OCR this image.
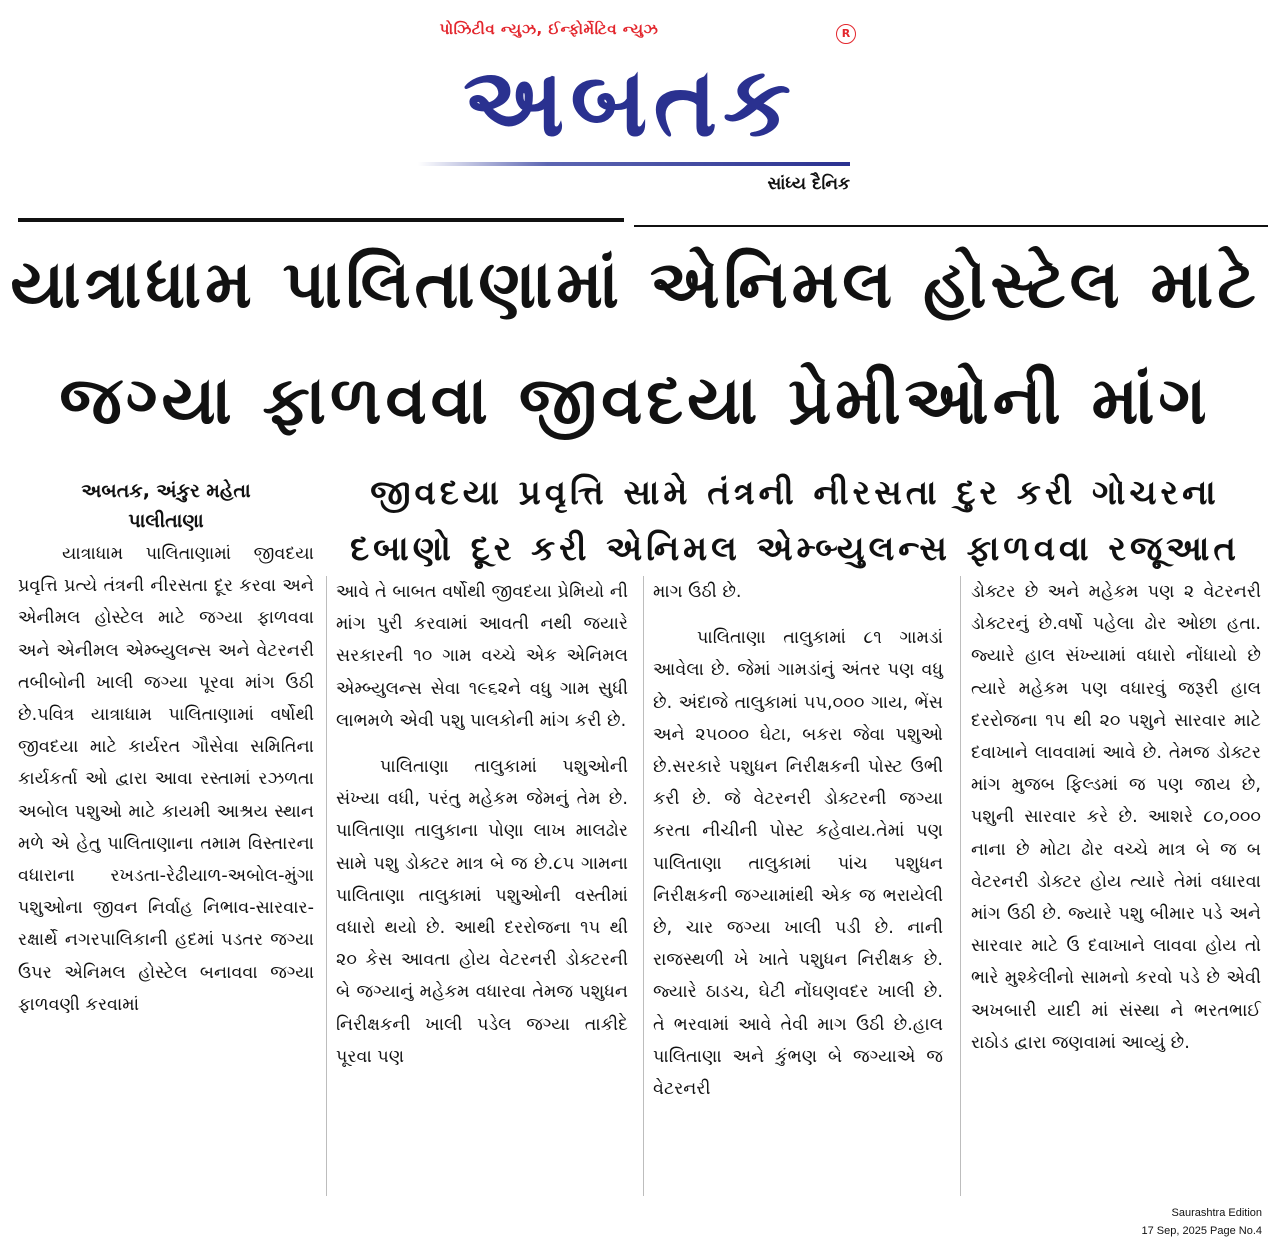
પોઝિટીવ ન્યુઝ, ઈન્ફોર્મેટિવ ન્યુઝ
અબતક
R
સાંધ્ય દૈનિક
યાત્રાધામ પાલિતાણામાં એનિમલ હોસ્ટેલ માટે
જગ્યા ફાળવવા જીવદયા પ્રેમીઓની માંગ
જીવદયા પ્રવૃત્તિ સામે તંત્રની નીરસતા દુર કરી ગોચરના
દબાણો દૂર કરી એનિમલ એમ્બ્યુલન્સ ફાળવવા રજૂઆત
અબતક, અંકુર મહેતા
પાલીતાણા

યાત્રાધામ પાલિતાણામાં જીવદયા પ્રવૃત્તિ પ્રત્યે તંત્રની નીરસતા દૂર કરવા અને એનીમલ હોસ્ટેલ માટે જગ્યા ફાળવવા અને એનીમલ એમ્બ્યુલન્સ અને વેટરનરી તબીબોની ખાલી જગ્યા પૂરવા માંગ ઉઠી છે.પવિત્ર યાત્રાધામ પાલિતાણામાં વર્ષોથી જીવદયા માટે કાર્યરત ગૌસેવા સમિતિના કાર્યકર્તા ઓ દ્વારા આવા રસ્તામાં રઝળતા અબોલ પશુઓ માટે કાયમી આશ્રય સ્થાન મળે એ હેતુ પાલિતાણાના તમામ વિસ્તારના વધારાના રખડતા-રેઢીયાળ-અબોલ-મુંગા પશુઓના જીવન નિર્વાહ નિભાવ-સારવાર-રક્ષાર્થે નગરપાલિકાની હદમાં પડતર જગ્યા ઉપર એનિમલ હોસ્ટેલ બનાવવા જગ્યા ફાળવણી કરવામાં

આવે તે બાબત વર્ષોથી જીવદયા પ્રેમિયો ની માંગ પુરી કરવામાં આવતી નથી જયારે સરકારની ૧૦ ગામ વચ્ચે એક એનિમલ એમ્બ્યુલન્સ સેવા ૧૯૬૨ને વધુ ગામ સુધી લાભમળે એવી પશુ પાલકોની માંગ કરી છે.

પાલિતાણા તાલુકામાં પશુઓની સંખ્યા વધી, પરંતુ મહેકમ જેમનું તેમ છે. પાલિતાણા તાલુકાના પોણા લાખ માલઢોર સામે પશુ ડોક્ટર માત્ર બે જ છે.૮૫ ગામના પાલિતાણા તાલુકામાં પશુઓની વસ્તીમાં વધારો થયો છે. આથી દરરોજના ૧૫ થી ૨૦ કેસ આવતા હોય વેટરનરી ડોક્ટરની બે જગ્યાનું મહેકમ વધારવા તેમજ પશુધન નિરીક્ષકની ખાલી પડેલ જગ્યા તાકીદે પૂરવા પણ

માગ ઉઠી છે.

પાલિતાણા તાલુકામાં ૮૧ ગામડાં આવેલા છે. જેમાં ગામડાંનું અંતર પણ વધુ છે. અંદાજે તાલુકામાં ૫૫,૦૦૦ ગાય, ભેંસ અને ૨૫૦૦૦ ઘેટા, બકરા જેવા પશુઓ છે.સરકારે પશુધન નિરીક્ષકની પોસ્ટ ઉભી કરી છે. જે વેટરનરી ડોક્ટરની જગ્યા કરતા નીચીની પોસ્ટ કહેવાય.તેમાં પણ પાલિતાણા તાલુકામાં પાંચ પશુધન નિરીક્ષકની જગ્યામાંથી એક જ ભરાયેલી છે, ચાર જગ્યા ખાલી પડી છે. નાની રાજસ્થળી ખે ખાતે પશુધન નિરીક્ષક છે. જ્યારે ઠાડચ, ઘેટી નોંઘણવદર ખાલી છે. તે ભરવામાં આવે તેવી માગ ઉઠી છે.હાલ પાલિતાણા અને કુંભણ બે જગ્યાએ જ વેટરનરી

ડોક્ટર છે અને મહેકમ પણ ૨ વેટરનરી ડોક્ટરનું છે.વર્ષો પહેલા ઢોર ઓછા હતા. જ્યારે હાલ સંખ્યામાં વધારો નોંધાયો છે ત્યારે મહેકમ પણ વધારવું જરૂરી હાલ દરરોજના ૧૫ થી ૨૦ પશુને સારવાર માટે દવાખાને લાવવામાં આવે છે. તેમજ ડોક્ટર માંગ મુજબ ફિલ્ડમાં જ પણ જાય છે, પશુની સારવાર કરે છે. આશરે ૮૦,૦૦૦ નાના છે મોટા ઢોર વચ્ચે માત્ર બે જ બ વેટરનરી ડોક્ટર હોય ત્યારે તેમાં વધારવા માંગ ઉઠી છે. જ્યારે પશુ બીમાર પડે અને સારવાર માટે ઉ દવાખાને લાવવા હોય તો ભારે મુશ્કેલીનો સામનો કરવો પડે છે એવી અખબારી યાદી માં સંસ્થા ને ભરતભાઈ રાઠોડ દ્વારા જણવામાં આવ્યું છે.

Saurashtra Edition
17 Sep, 2025 Page No.4
